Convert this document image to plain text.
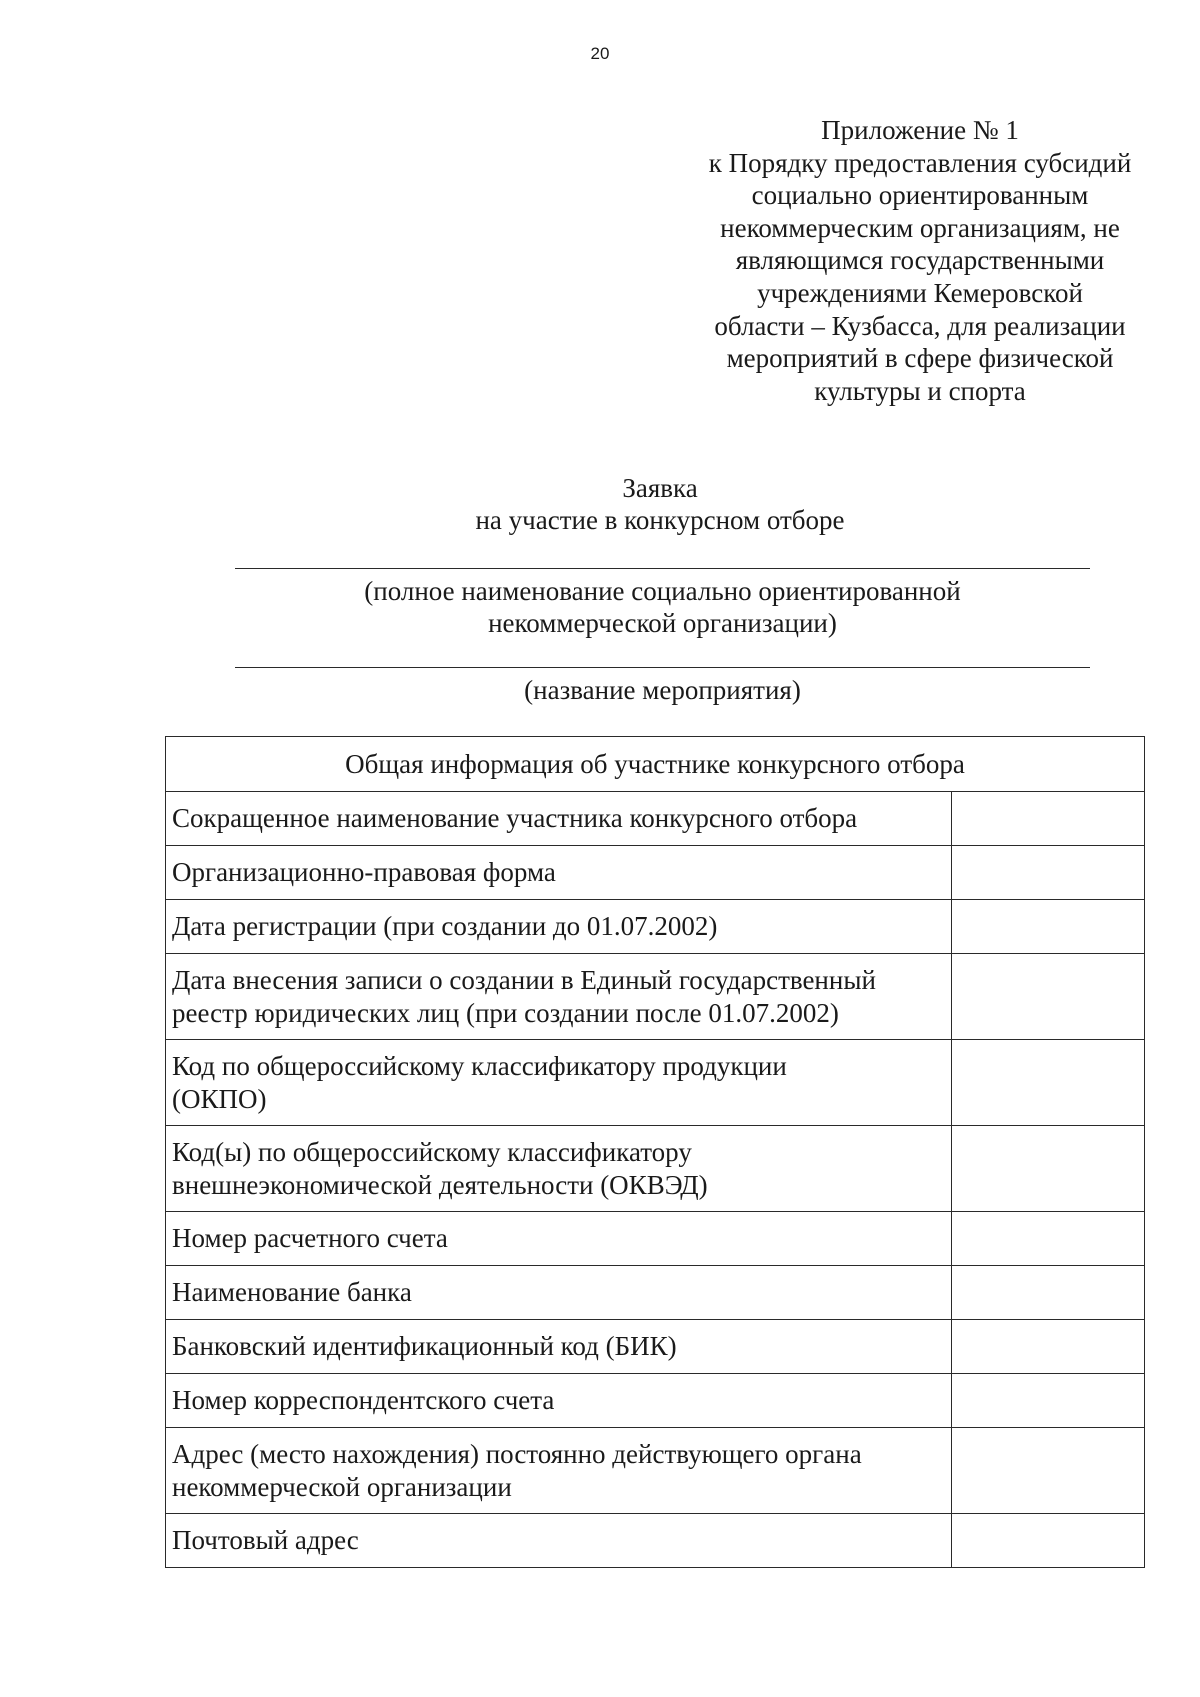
20
Приложение № 1
к Порядку предоставления субсидий
социально ориентированным
некоммерческим организациям, не
являющимся государственными
учреждениями Кемеровской
области – Кузбасса, для реализации
мероприятий в сфере физической
культуры и спорта
Заявка
на участие в конкурсном отборе
(полное наименование социально ориентированной
некоммерческой организации)
(название мероприятия)
Общая информация об участнике конкурсного отбора	

Сокращенное наименование участника конкурсного отбора	

Организационно-правовая форма	

Дата регистрации (при создании до 01.07.2002)	

Дата внесения записи о создании в Единый государственный
реестр юридических лиц (при создании после 01.07.2002)	

Код по общероссийскому классификатору продукции
(ОКПО)	

Код(ы) по общероссийскому классификатору
внешнеэкономической деятельности (ОКВЭД)	

Номер расчетного счета	

Наименование банка	

Банковский идентификационный код (БИК)	

Номер корреспондентского счета	

Адрес (место нахождения) постоянно действующего органа
некоммерческой организации	

Почтовый адрес	
